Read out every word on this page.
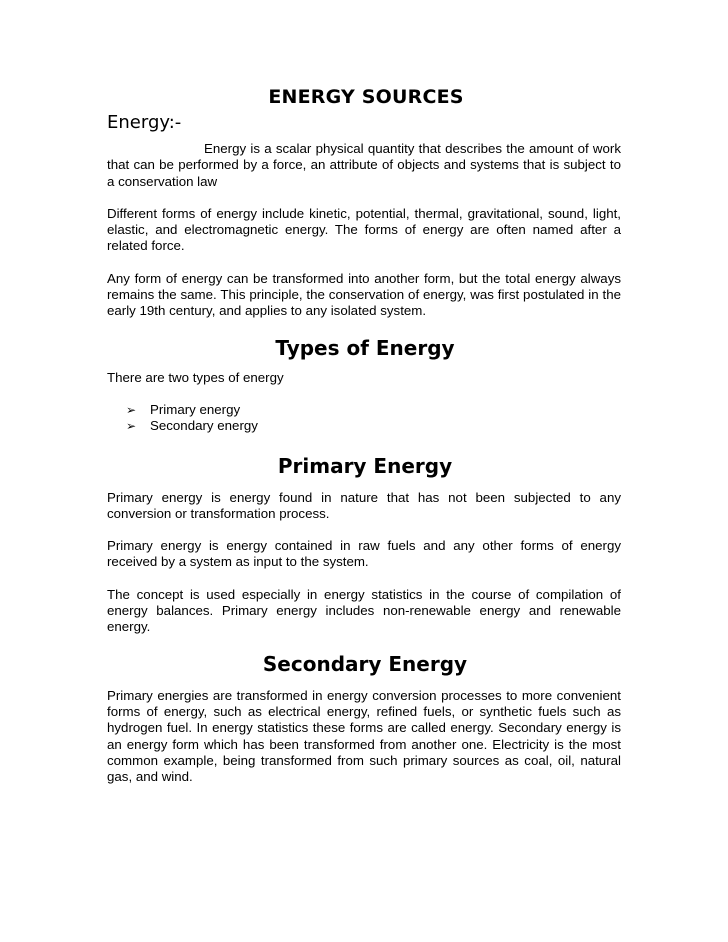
ENERGY SOURCES
Energy:-

Energy is a scalar physical quantity that describes the amount of work that can be performed by a force, an attribute of objects and systems that is subject to a conservation law

Different forms of energy include kinetic, potential, thermal, gravitational, sound, light, elastic, and electromagnetic energy. The forms of energy are often named after a related force.

Any form of energy can be transformed into another form, but the total energy always remains the same. This principle, the conservation of energy, was first postulated in the early 19th century, and applies to any isolated system.

Types of Energy

There are two types of energy

➢	Primary energy
➢	Secondary energy
Primary Energy

Primary energy is energy found in nature that has not been subjected to any conversion or transformation process.

Primary energy is energy contained in raw fuels and any other forms of energy received by a system as input to the system.

The concept is used especially in energy statistics in the course of compilation of energy balances. Primary energy includes non-renewable energy and renewable energy.

Secondary Energy

Primary energies are transformed in energy conversion processes to more convenient forms of energy, such as electrical energy, refined fuels, or synthetic fuels such as hydrogen fuel. In energy statistics these forms are called energy. Secondary energy is an energy form which has been transformed from another one. Electricity is the most common example, being transformed from such primary sources as coal, oil, natural gas, and wind.
